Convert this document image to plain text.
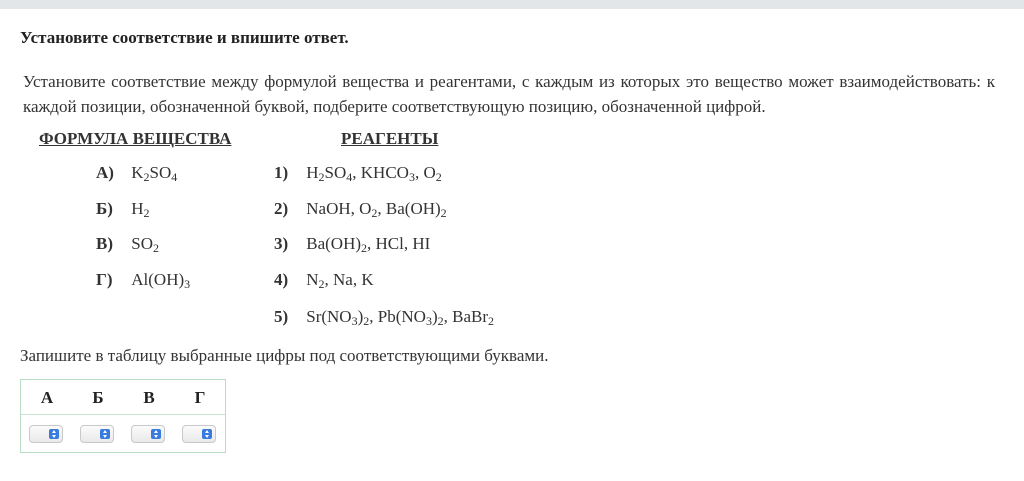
Установите соответствие и впишите ответ.
Установите соответствие между формулой вещества и реагентами, с каждым из которых это вещество может взаимодействовать: к каждой позиции, обозначенной буквой, подберите соответствующую позицию, обозначенной цифрой.
ФОРМУЛА ВЕЩЕСТВА	РЕАГЕНТЫ
А) $K_2SO_4$
Б) $H_2$
В) $SO_2$
Г) $Al(OH)_3$
1) $H_2SO_4$, $KHCO_3$, $O_2$
2) NaOH, $O_2$, $Ba(OH)_2$
3) $Ba(OH)_2$, HCl, HI
4) $N_2$, Na, K
5) $Sr(NO_3)_2$, $Pb(NO_3)_2$, BaBr$_2$
Запишите в таблицу выбранные цифры под соответствующими буквами.
А	Б	В	Г
